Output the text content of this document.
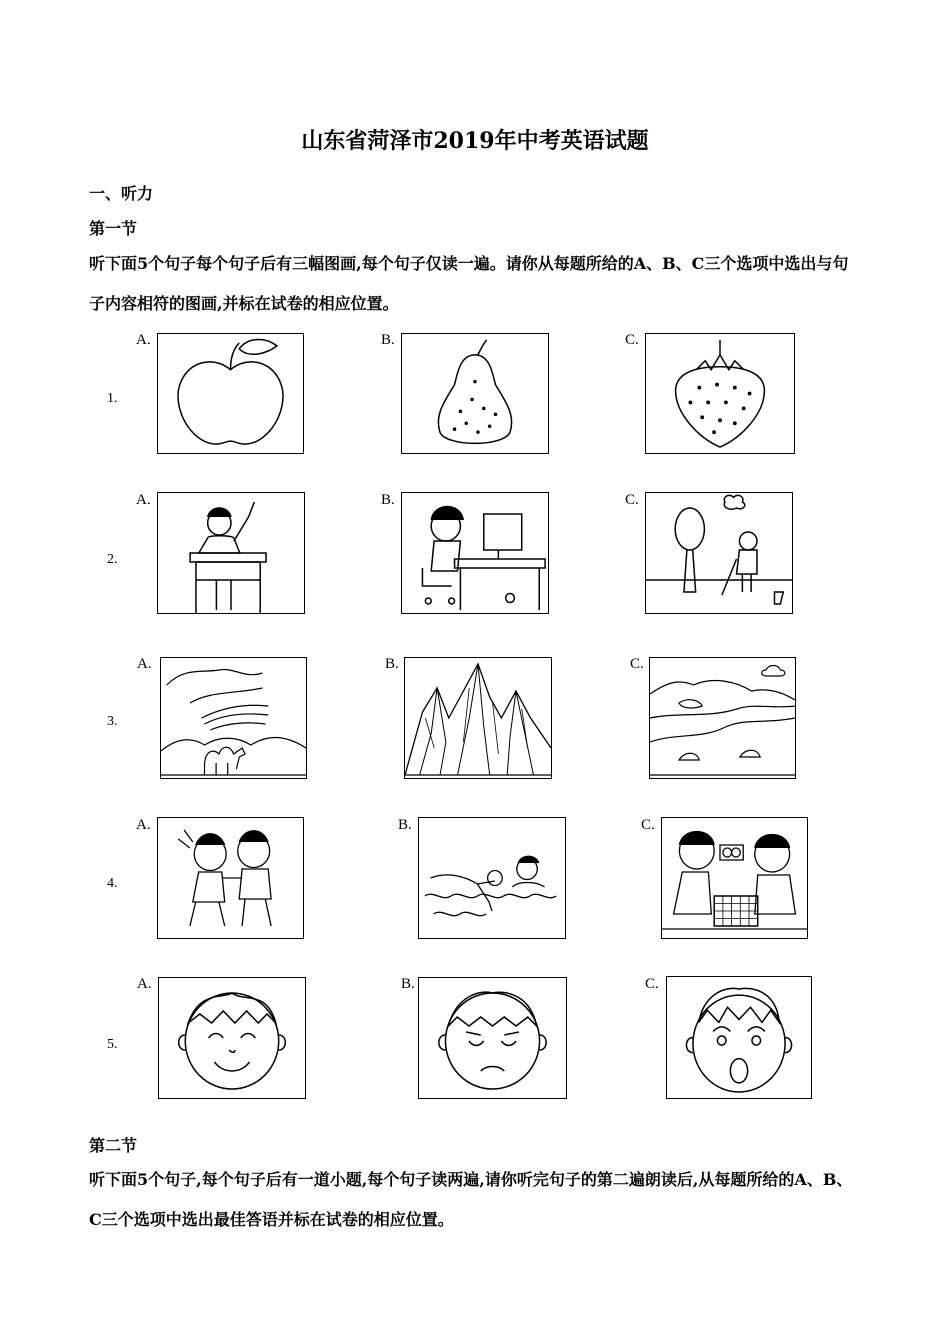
山东省菏泽市2019年中考英语试题
一、听力
第一节
听下面5个句子每个句子后有三幅图画,每个句子仅读一遍。请你从每题所给的A、B、C三个选项中选出与句子内容相符的图画,并标在试卷的相应位置。
1.
A.	B.	C.
2.
A.	B.	C.
3.
A.	B.	C.
4.
A.	B.	C.
5.
A.	B.	C.
第二节
听下面5个句子,每个句子后有一道小题,每个句子读两遍,请你听完句子的第二遍朗读后,从每题所给的A、B、C三个选项中选出最佳答语并标在试卷的相应位置。
